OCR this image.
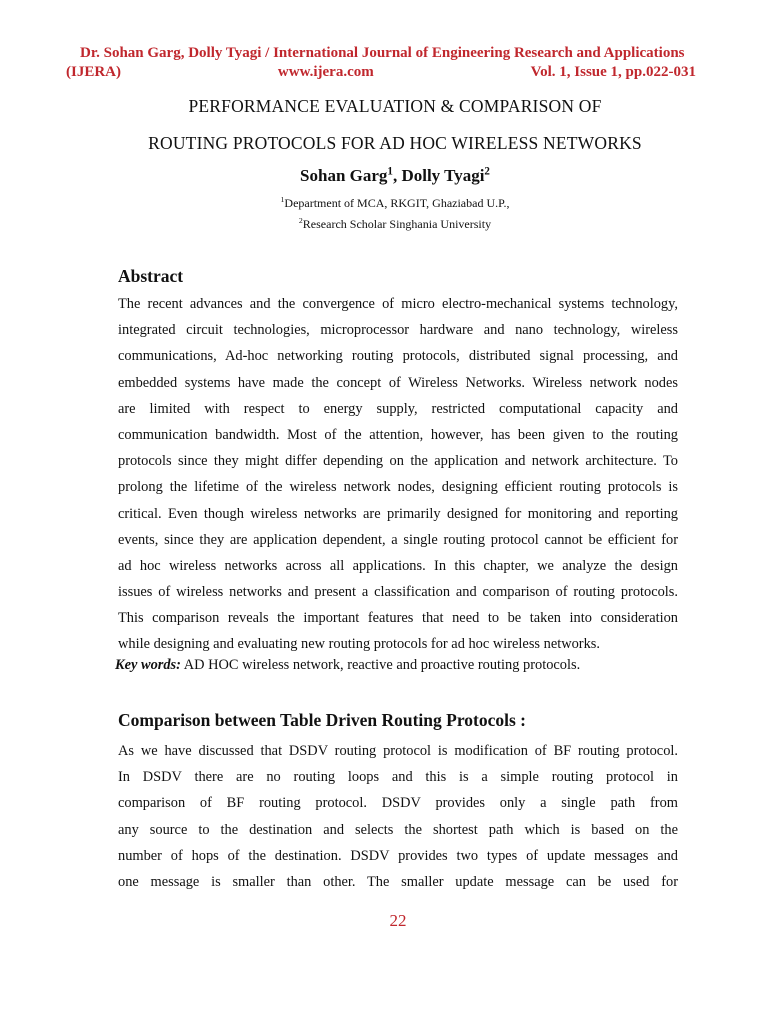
Dr. Sohan Garg, Dolly Tyagi / International Journal of Engineering Research and Applications
(IJERA)	www.ijera.com	Vol. 1, Issue 1, pp.022-031
PERFORMANCE EVALUATION & COMPARISON OF
ROUTING PROTOCOLS FOR AD HOC WIRELESS NETWORKS
Sohan Garg$^1$, Dolly Tyagi$^2$
$^1$Department of MCA, RKGIT, Ghaziabad U.P.,
$^2$Research Scholar Singhania University
Abstract
The recent advances and the convergence of micro electro-mechanical systems technology,
integrated circuit technologies, microprocessor hardware and nano technology, wireless
communications, Ad-hoc networking routing protocols, distributed signal processing, and
embedded systems have made the concept of Wireless Networks. Wireless network nodes
are limited with respect to energy supply, restricted computational capacity and
communication bandwidth. Most of the attention, however, has been given to the routing
protocols since they might differ depending on the application and network architecture. To
prolong the lifetime of the wireless network nodes, designing efficient routing protocols is
critical. Even though wireless networks are primarily designed for monitoring and reporting
events, since they are application dependent, a single routing protocol cannot be efficient for
ad hoc wireless networks across all applications. In this chapter, we analyze the design
issues of wireless networks and present a classification and comparison of routing protocols.
This comparison reveals the important features that need to be taken into consideration
while designing and evaluating new routing protocols for ad hoc wireless networks.
Key words: AD HOC wireless network, reactive and proactive routing protocols.
Comparison between Table Driven Routing Protocols :
As we have discussed that DSDV routing protocol is modification of BF routing protocol.
In DSDV there are no routing loops and this is a simple routing protocol in
comparison of BF routing protocol. DSDV provides only a single path from
any source to the destination and selects the shortest path which is based on the
number of hops of the destination. DSDV provides two types of update messages and
one message is smaller than other. The smaller update message can be used for
22
